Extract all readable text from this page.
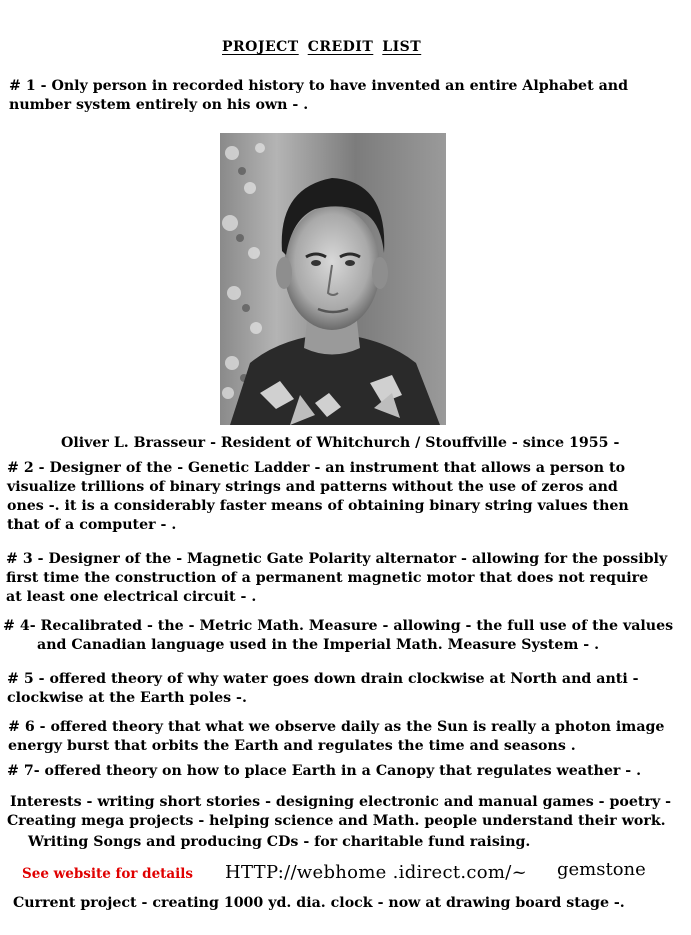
PROJECT CREDIT LIST

# 1 - Only person in recorded history to have invented an entire Alphabet and

number system entirely on his own - .

Oliver L. Brasseur - Resident of Whitchurch / Stouffville - since 1955 -

# 2 - Designer of the - Genetic Ladder - an instrument that allows a person to

visualize trillions of binary strings and patterns without the use of zeros and

ones -. it is a considerably faster means of obtaining binary string values then

that of a computer - .

# 3 - Designer of the - Magnetic Gate Polarity alternator - allowing for the possibly

first time the construction of a permanent magnetic motor that does not require

at least one electrical circuit - .

# 4- Recalibrated - the - Metric Math. Measure - allowing - the full use of the values

and Canadian language used in the Imperial Math. Measure System - .

# 5 - offered theory of why water goes down drain clockwise at North and anti -

clockwise at the Earth poles -.

# 6 - offered theory that what we observe daily as the Sun is really a photon image

energy burst that orbits the Earth and regulates the time and seasons .

# 7- offered theory on how to place Earth in a Canopy that regulates weather - .

Interests - writing short stories - designing electronic and manual games - poetry -

Creating mega projects - helping science and Math. people understand their work.

Writing Songs and producing CDs - for charitable fund raising.

See website for details HTTP://webhome .idirect.com/~ gemstone

Current project - creating 1000 yd. dia. clock - now at drawing board stage -.
